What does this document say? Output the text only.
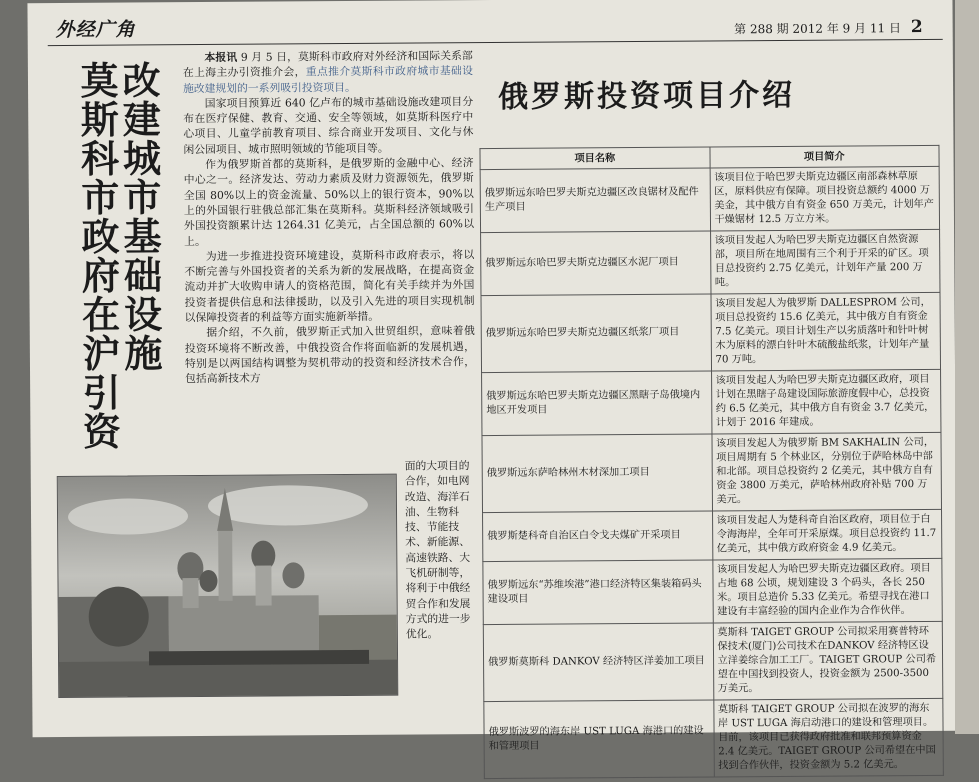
外经广角	第 288 期 2012 年 9 月 11 日 2
改建城市基础设施
莫斯科市政府在沪引资

本报讯 9 月 5 日，莫斯科市政府对外经济和国际关系部在上海主办引资推介会，重点推介莫斯科市政府城市基础设施改建规划的一系列吸引投资项目。

国家项目预算近 640 亿卢布的城市基础设施改建项目分布在医疗保健、教育、交通、安全等领域，如莫斯科医疗中心项目、儿童学前教育项目、综合商业开发项目、文化与休闲公园项目、城市照明领域的节能项目等。

作为俄罗斯首都的莫斯科，是俄罗斯的金融中心、经济中心之一。经济发达、劳动力素质及财力资源领先，俄罗斯全国 80%以上的资金流量、50%以上的银行资本，90%以上的外国银行驻俄总部汇集在莫斯科。莫斯科经济领域吸引外国投资额累计达 1264.31 亿美元，占全国总额的 60%以上。

为进一步推进投资环境建设，莫斯科市政府表示，将以不断完善与外国投资者的关系为新的发展战略，在提高资金流动并扩大收购申请人的资格范围，简化有关手续并为外国投资者提供信息和法律援助，以及引入先进的项目实现机制以保障投资者的利益等方面实施新举措。

据介绍，不久前，俄罗斯正式加入世贸组织，意味着俄投资环境将不断改善，中俄投资合作将面临新的发展机遇，特别是以两国结构调整为契机带动的投资和经济技术合作，包括高新技术方

面的大项目的合作，如电网改造、海洋石油、生物科技、节能技术、新能源、高速铁路、大飞机研制等，将利于中俄经贸合作和发展方式的进一步优化。
俄罗斯投资项目介绍
项目名称	项目简介
俄罗斯远东哈巴罗夫斯克边疆区改良锯材及配件生产项目	该项目位于哈巴罗夫斯克边疆区南部森林草原区，原料供应有保障。项目投资总额约 4000 万美金，其中俄方自有资金 650 万美元，计划年产干燥锯材 12.5 万立方米。
俄罗斯远东哈巴罗夫斯克边疆区水泥厂项目	该项目发起人为哈巴罗夫斯克边疆区自然资源部，项目所在地周围有三个利于开采的矿区。项目总投资约 2.75 亿美元，计划年产量 200 万吨。
俄罗斯远东哈巴罗夫斯克边疆区纸浆厂项目	该项目发起人为俄罗斯 DALLESPROM 公司，项目总投资约 15.6 亿美元，其中俄方自有资金 7.5 亿美元。项目计划生产以劣质落叶和针叶树木为原料的漂白针叶木硫酸盐纸浆，计划年产量 70 万吨。
俄罗斯远东哈巴罗夫斯克边疆区黑瞎子岛俄境内地区开发项目	该项目发起人为哈巴罗夫斯克边疆区政府，项目计划在黑瞎子岛建设国际旅游度假中心，总投资约 6.5 亿美元，其中俄方自有资金 3.7 亿美元，计划于 2016 年建成。
俄罗斯远东萨哈林州木材深加工项目	该项目发起人为俄罗斯 BM SAKHALIN 公司，项目周期有 5 个林业区，分别位于萨哈林岛中部和北部。项目总投资约 2 亿美元，其中俄方自有资金 3800 万美元，萨哈林州政府补贴 700 万美元。
俄罗斯楚科奇自治区白令戈夫煤矿开采项目	该项目发起人为楚科奇自治区政府，项目位于白令海海岸，全年可开采原煤。项目总投资约 11.7 亿美元，其中俄方政府资金 4.9 亿美元。
俄罗斯远东“苏维埃港”港口经济特区集装箱码头建设项目	该项目发起人为哈巴罗夫斯克边疆区政府。项目占地 68 公顷，规划建设 3 个码头，各长 250 米。项目总造价 5.33 亿美元。希望寻找在港口建设有丰富经验的国内企业作为合作伙伴。
俄罗斯莫斯科 DANKOV 经济特区洋姜加工项目	莫斯科 TAIGET GROUP 公司拟采用赛普特环保技术(厦门)公司技术在DANKOV 经济特区设立洋姜综合加工工厂。TAIGET GROUP 公司希望在中国找到投资人，投资金额为 2500-3500 万美元。
俄罗斯波罗的海东岸 UST LUGA 海港口的建设和管理项目	莫斯科 TAIGET GROUP 公司拟在波罗的海东岸 UST LUGA 海启动港口的建设和管理项目。目前，该项目已获得政府批准和联邦预算资金 2.4 亿美元。TAIGET GROUP 公司希望在中国找到合作伙伴，投资金额为 5.2 亿美元。
